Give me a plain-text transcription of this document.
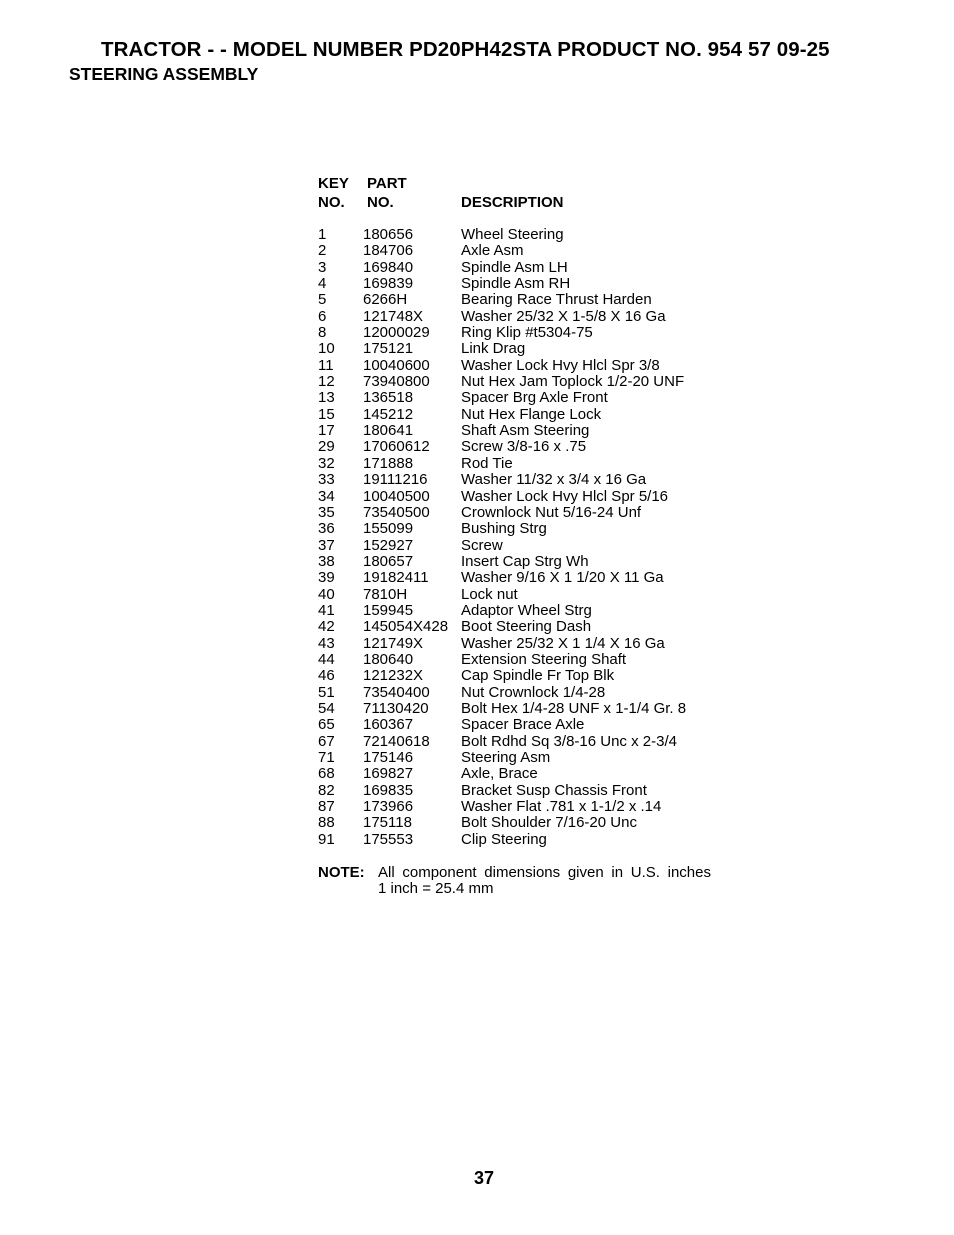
TRACTOR - - MODEL NUMBER PD20PH42STA PRODUCT NO. 954 57 09-25
STEERING ASSEMBLY
KEY
NO.
PART
NO.	DESCRIPTION
1 180656	Wheel Steering
2 184706	Axle Asm
3 169840	Spindle Asm LH
4 169839	Spindle Asm RH
5 6266H	Bearing Race Thrust Harden
6 121748X	Washer 25/32 X 1-5/8 X 16 Ga
8 12000029 Ring Klip #t5304-75
10 175121	Link Drag
11 10040600 Washer Lock Hvy Hlcl Spr 3/8
12 73940800 Nut Hex Jam Toplock 1/2-20 UNF
13 136518	Spacer Brg Axle Front
15 145212	Nut Hex Flange Lock
17 180641	Shaft Asm Steering
29 17060612 Screw 3/8-16 x .75
32 171888	Rod Tie
33 19111216 Washer 11/32 x 3/4 x 16 Ga
34 10040500 Washer Lock Hvy Hlcl Spr 5/16
35 73540500 Crownlock Nut 5/16-24 Unf
36 155099	Bushing Strg
37 152927	Screw
38 180657	Insert Cap Strg Wh
39 19182411 Washer 9/16 X 1 1/20 X 11 Ga
40 7810H	Lock nut
41 159945	Adaptor Wheel Strg
42 145054X428 Boot Steering Dash
43 121749X	Washer 25/32 X 1 1/4 X 16 Ga
44 180640	Extension Steering Shaft
46 121232X	Cap Spindle Fr Top Blk
51 73540400 Nut Crownlock 1/4-28
54 71130420 Bolt Hex 1/4-28 UNF x 1-1/4 Gr. 8
65 160367	Spacer Brace Axle
67 72140618 Bolt Rdhd Sq 3/8-16 Unc x 2-3/4
71 175146	Steering Asm
68 169827	Axle, Brace
82 169835	Bracket Susp Chassis Front
87 173966	Washer Flat .781 x 1-1/2 x .14
88 175118	Bolt Shoulder 7/16-20 Unc
91 175553	Clip Steering
NOTE: All component dimensions given in U.S. inches
1 inch = 25.4 mm
37
